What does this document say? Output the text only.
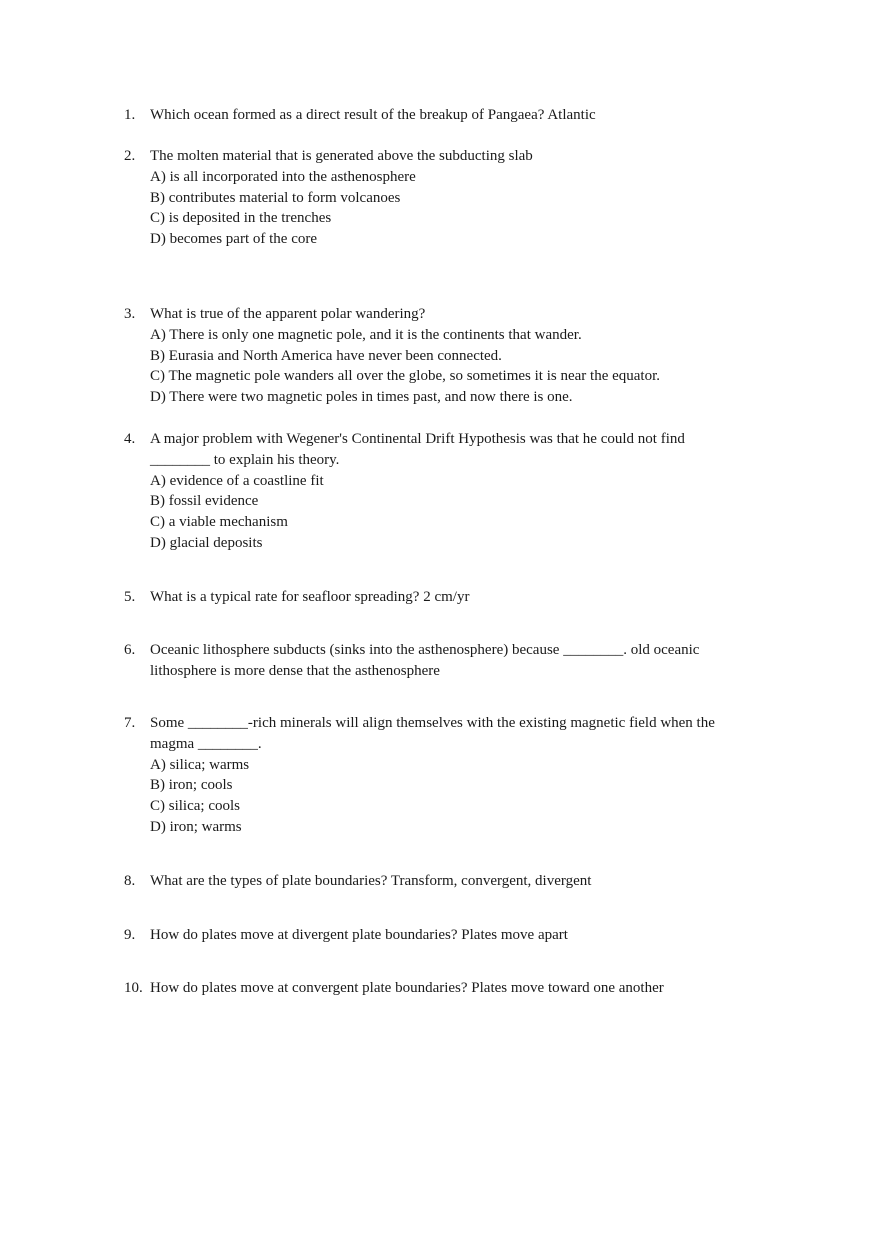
1. Which ocean formed as a direct result of the breakup of Pangaea? Atlantic
2. The molten material that is generated above the subducting slab
A) is all incorporated into the asthenosphere
B) contributes material to form volcanoes
C) is deposited in the trenches
D) becomes part of the core
3. What is true of the apparent polar wandering?
A) There is only one magnetic pole, and it is the continents that wander.
B) Eurasia and North America have never been connected.
C) The magnetic pole wanders all over the globe, so sometimes it is near the equator.
D) There were two magnetic poles in times past, and now there is one.
4. A major problem with Wegener's Continental Drift Hypothesis was that he could not find
________ to explain his theory.
A) evidence of a coastline fit
B) fossil evidence
C) a viable mechanism
D) glacial deposits
5. What is a typical rate for seafloor spreading? 2 cm/yr
6. Oceanic lithosphere subducts (sinks into the asthenosphere) because ________. old oceanic
lithosphere is more dense that the asthenosphere
7. Some ________-rich minerals will align themselves with the existing magnetic field when the
magma ________.
A) silica; warms
B) iron; cools
C) silica; cools
D) iron; warms
8. What are the types of plate boundaries? Transform, convergent, divergent
9. How do plates move at divergent plate boundaries? Plates move apart
10. How do plates move at convergent plate boundaries? Plates move toward one another
